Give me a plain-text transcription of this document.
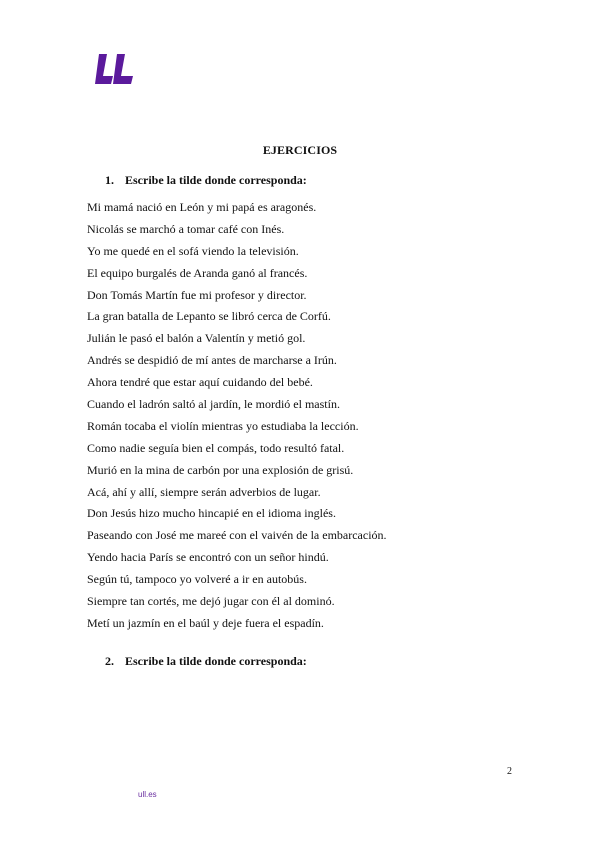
EJERCICIOS
1. Escribe la tilde donde corresponda:
Mi mamá nació en León y mi papá es aragonés.
Nicolás se marchó a tomar café con Inés.
Yo me quedé en el sofá viendo la televisión.
El equipo burgalés de Aranda ganó al francés.
Don Tomás Martín fue mi profesor y director.
La gran batalla de Lepanto se libró cerca de Corfú.
Julián le pasó el balón a Valentín y metió gol.
Andrés se despidió de mí antes de marcharse a Irún.
Ahora tendré que estar aquí cuidando del bebé.
Cuando el ladrón saltó al jardín, le mordió el mastín.
Román tocaba el violín mientras yo estudiaba la lección.
Como nadie seguía bien el compás, todo resultó fatal.
Murió en la mina de carbón por una explosión de grisú.
Acá, ahí y allí, siempre serán adverbios de lugar.
Don Jesús hizo mucho hincapié en el idioma inglés.
Paseando con José me mareé con el vaivén de la embarcación.
Yendo hacia París se encontró con un señor hindú.
Según tú, tampoco yo volveré a ir en autobús.
Siempre tan cortés, me dejó jugar con él al dominó.
Metí un jazmín en el baúl y deje fuera el espadín.
2. Escribe la tilde donde corresponda:
2
ull.es
